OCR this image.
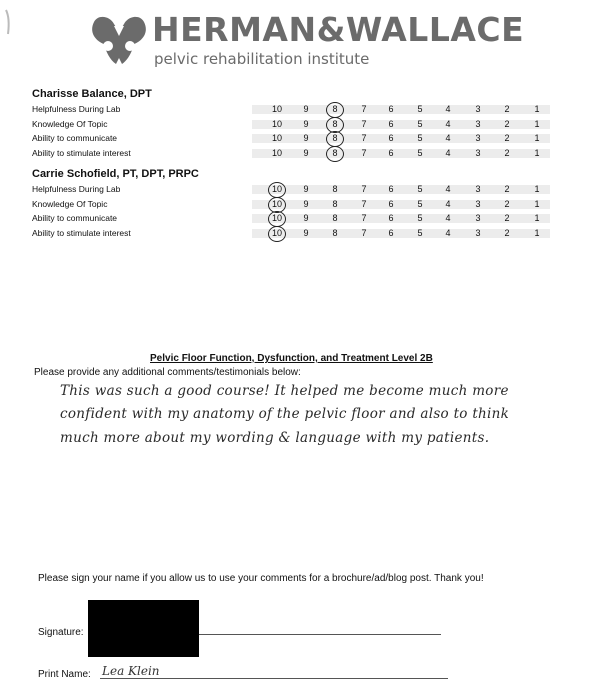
HERMAN&WALLACE
pelvic rehabilitation institute
Charisse Balance, DPT
Helpfulness During Lab	10	9	8	7	6	5	4	3	2	1
Knowledge Of Topic	10	9	8	7	6	5	4	3	2	1
Ability to communicate	10	9	8	7	6	5	4	3	2	1
Ability to stimulate interest	10	9	8	7	6	5	4	3	2	1
Carrie Schofield, PT, DPT, PRPC
Helpfulness During Lab	10	9	8	7	6	5	4	3	2	1
Knowledge Of Topic	10	9	8	7	6	5	4	3	2	1
Ability to communicate	10	9	8	7	6	5	4	3	2	1
Ability to stimulate interest	10	9	8	7	6	5	4	3	2	1
Pelvic Floor Function, Dysfunction, and Treatment Level 2B
Please provide any additional comments/testimonials below:
This was such a good course! It helped me become much more
confident with my anatomy of the pelvic floor and also to think
much more about my wording & language with my patients.
Please sign your name if you allow us to use your comments for a brochure/ad/blog post. Thank you!
Signature:
Print Name: Lea Klein
